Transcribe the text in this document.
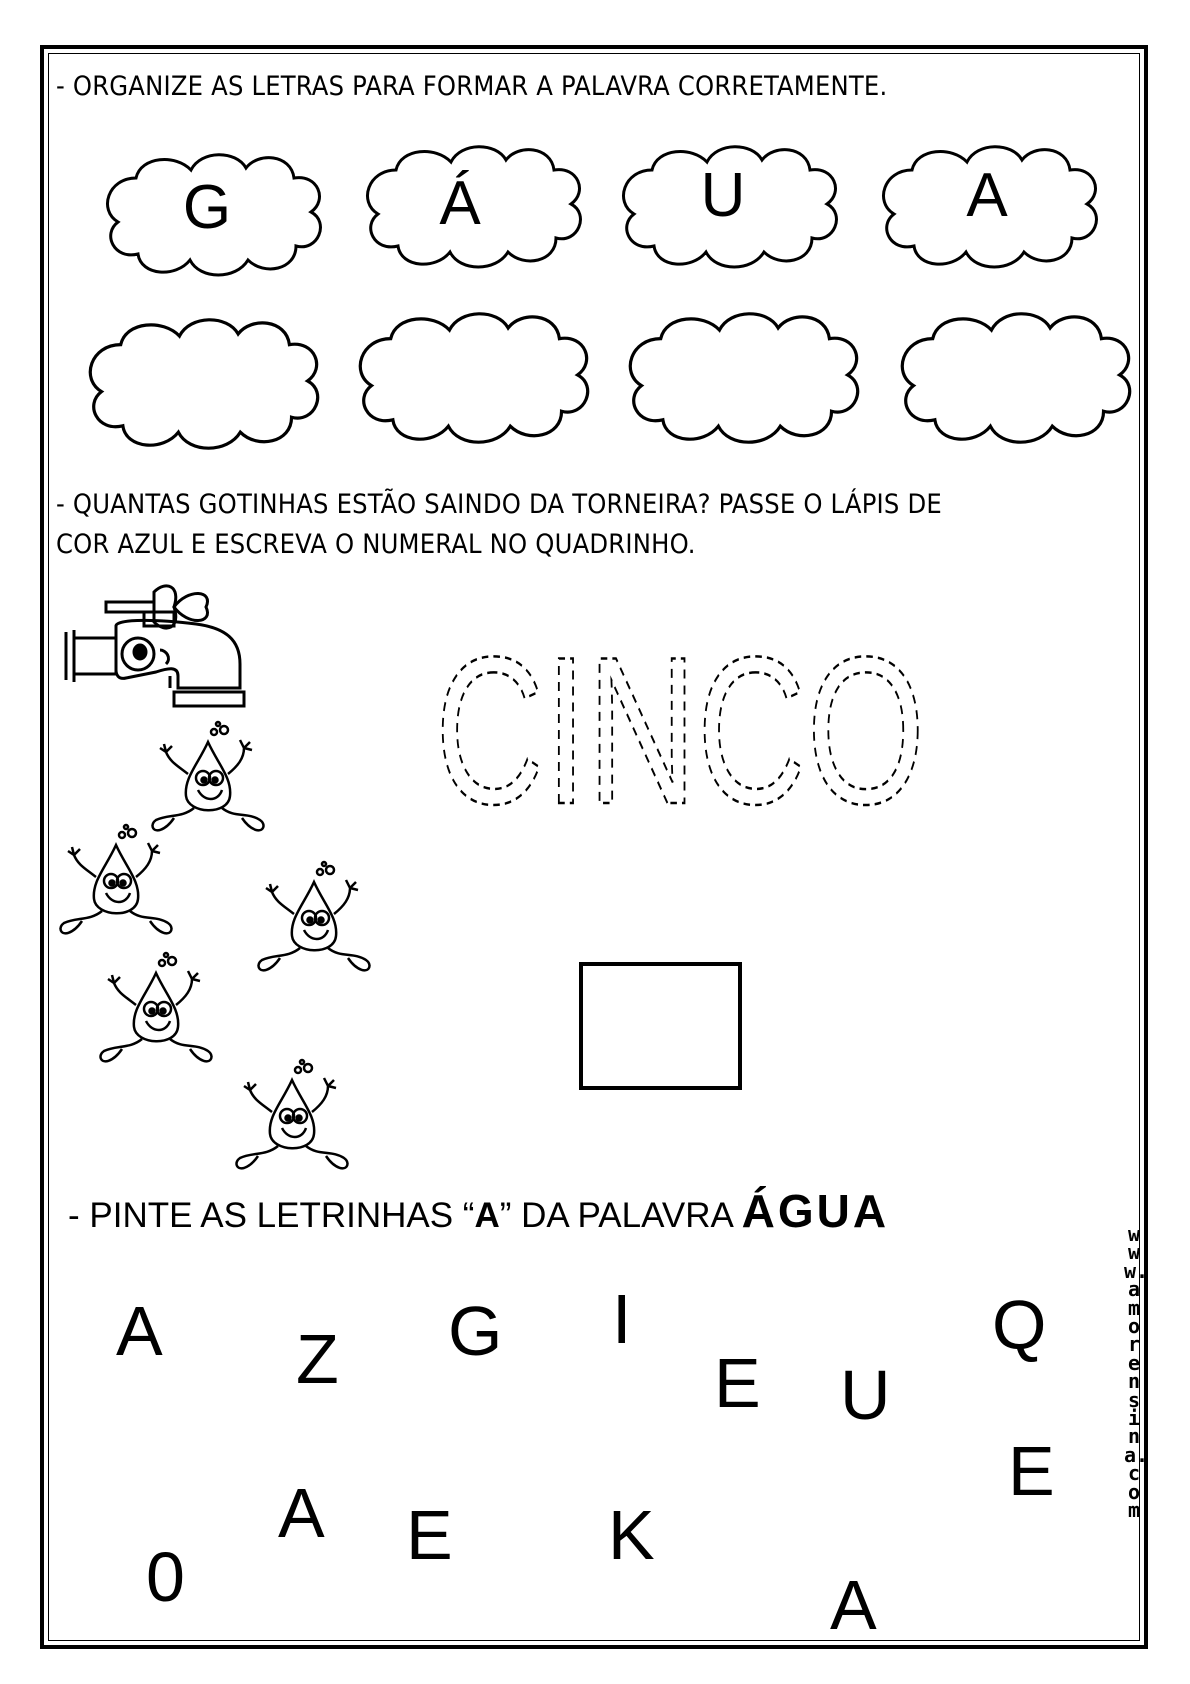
- ORGANIZE AS LETRAS PARA FORMAR A PALAVRA CORRETAMENTE.
G	Á	U	A
- QUANTAS GOTINHAS ESTÃO SAINDO DA TORNEIRA? PASSE O LÁPIS DE
COR AZUL E ESCREVA O NUMERAL NO QUADRINHO.
CINCO
- PINTE AS LETRINHAS “A” DA PALAVRA ÁGUA
A Z G I	Q
E U
E
A E K
0	A
www.amorensina.com
